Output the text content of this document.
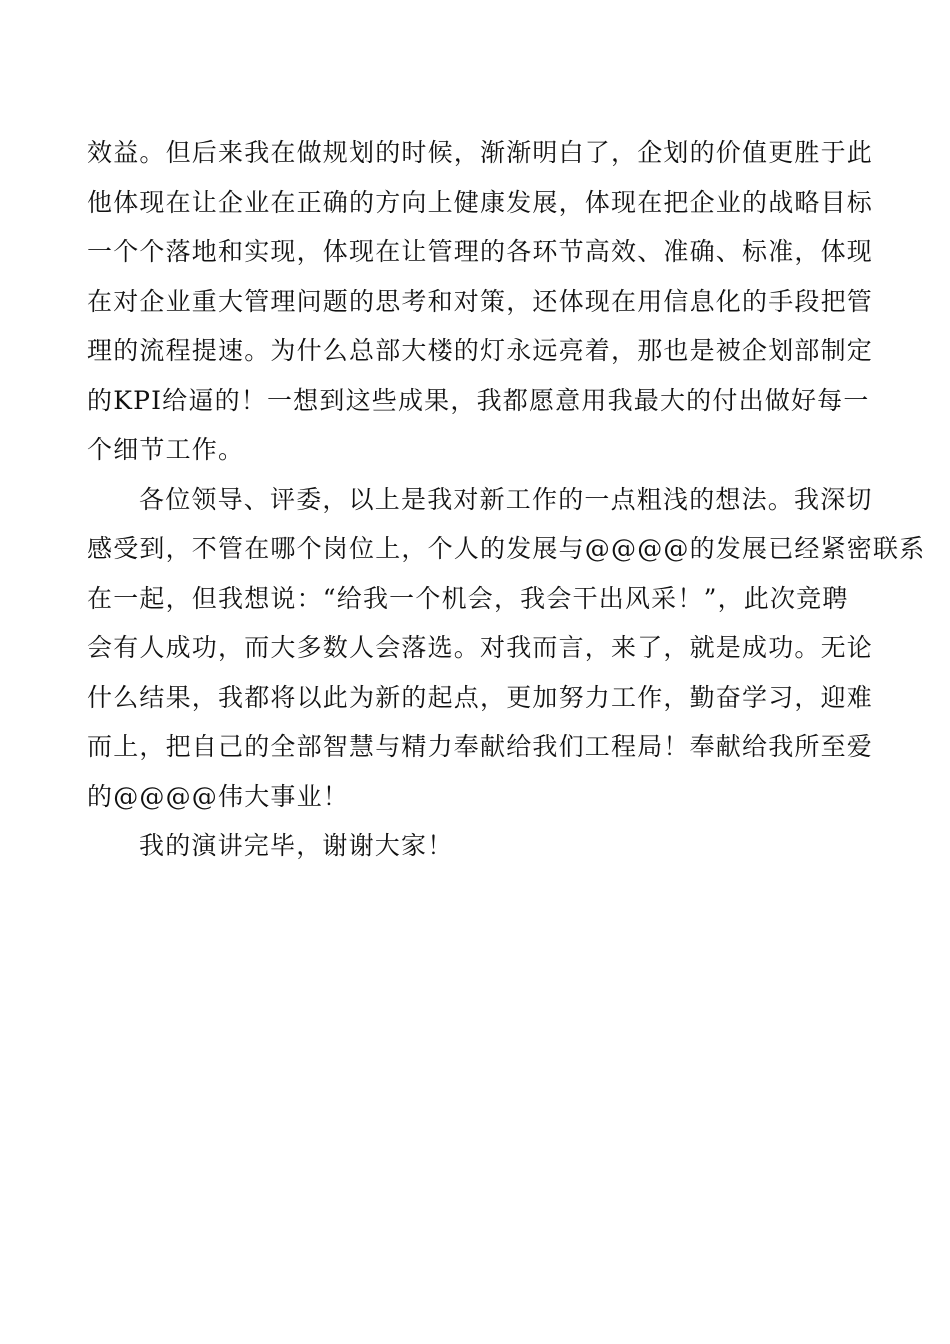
效益。但后来我在做规划的时候，渐渐明白了，企划的价值更胜于此
他体现在让企业在正确的方向上健康发展，体现在把企业的战略目标
一个个落地和实现，体现在让管理的各环节高效、准确、标准，体现
在对企业重大管理问题的思考和对策，还体现在用信息化的手段把管
理的流程提速。为什么总部大楼的灯永远亮着，那也是被企划部制定
的KPI给逼的！一想到这些成果，我都愿意用我最大的付出做好每一
个细节工作。
各位领导、评委，以上是我对新工作的一点粗浅的想法。我深切
感受到，不管在哪个岗位上，个人的发展与@@@@的发展已经紧密联系
在一起，但我想说：“给我一个机会，我会干出风采！”，此次竞聘
会有人成功，而大多数人会落选。对我而言，来了，就是成功。无论
什么结果，我都将以此为新的起点，更加努力工作，勤奋学习，迎难
而上，把自己的全部智慧与精力奉献给我们工程局！奉献给我所至爱
的@@@@伟大事业！
我的演讲完毕，谢谢大家！
